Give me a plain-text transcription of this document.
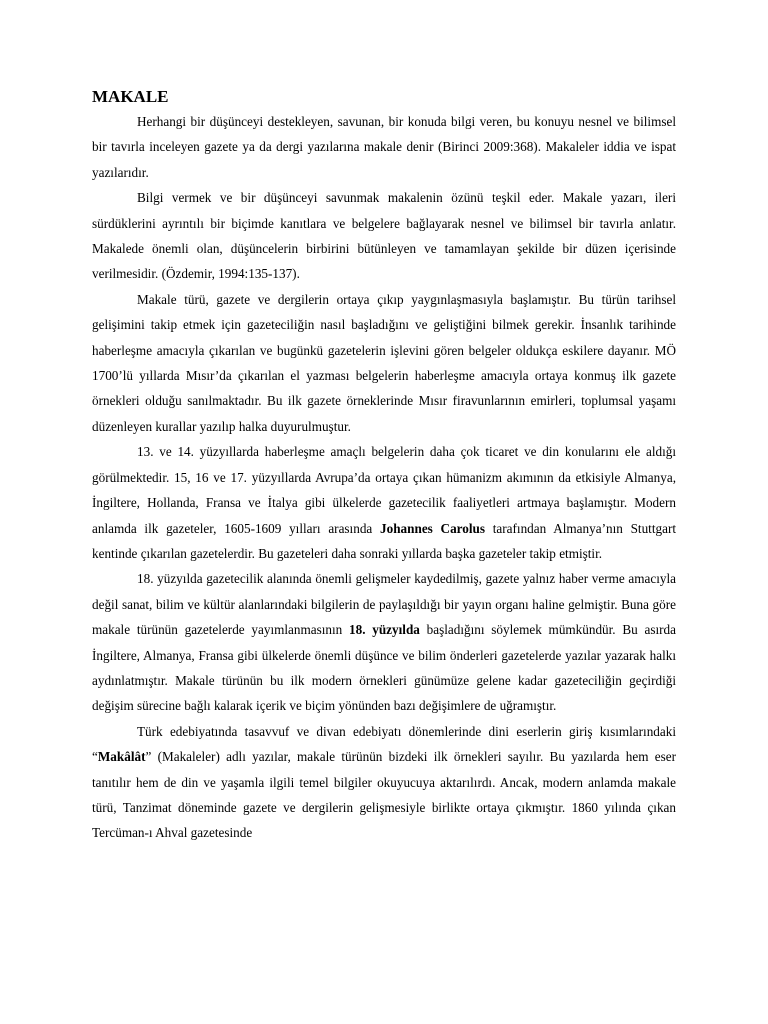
MAKALE

Herhangi bir düşünceyi destekleyen, savunan, bir konuda bilgi veren, bu konuyu nesnel ve bilimsel bir tavırla inceleyen gazete ya da dergi yazılarına makale denir (Birinci 2009:368). Makaleler iddia ve ispat yazılarıdır.

Bilgi vermek ve bir düşünceyi savunmak makalenin özünü teşkil eder. Makale yazarı, ileri sürdüklerini ayrıntılı bir biçimde kanıtlara ve belgelere bağlayarak nesnel ve bilimsel bir tavırla anlatır. Makalede önemli olan, düşüncelerin birbirini bütünleyen ve tamamlayan şekilde bir düzen içerisinde verilmesidir. (Özdemir, 1994:135-137).

Makale türü, gazete ve dergilerin ortaya çıkıp yaygınlaşmasıyla başlamıştır. Bu türün tarihsel gelişimini takip etmek için gazeteciliğin nasıl başladığını ve geliştiğini bilmek gerekir. İnsanlık tarihinde haberleşme amacıyla çıkarılan ve bugünkü gazetelerin işlevini gören belgeler oldukça eskilere dayanır. MÖ 1700’lü yıllarda Mısır’da çıkarılan el yazması belgelerin haberleşme amacıyla ortaya konmuş ilk gazete örnekleri olduğu sanılmaktadır. Bu ilk gazete örneklerinde Mısır firavunlarının emirleri, toplumsal yaşamı düzenleyen kurallar yazılıp halka duyurulmuştur.

13. ve 14. yüzyıllarda haberleşme amaçlı belgelerin daha çok ticaret ve din konularını ele aldığı görülmektedir. 15, 16 ve 17. yüzyıllarda Avrupa’da ortaya çıkan hümanizm akımının da etkisiyle Almanya, İngiltere, Hollanda, Fransa ve İtalya gibi ülkelerde gazetecilik faaliyetleri artmaya başlamıştır. Modern anlamda ilk gazeteler, 1605-1609 yılları arasında Johannes Carolus tarafından Almanya’nın Stuttgart kentinde çıkarılan gazetelerdir. Bu gazeteleri daha sonraki yıllarda başka gazeteler takip etmiştir.

18. yüzyılda gazetecilik alanında önemli gelişmeler kaydedilmiş, gazete yalnız haber verme amacıyla değil sanat, bilim ve kültür alanlarındaki bilgilerin de paylaşıldığı bir yayın organı haline gelmiştir. Buna göre makale türünün gazetelerde yayımlanmasının 18. yüzyılda başladığını söylemek mümkündür. Bu asırda İngiltere, Almanya, Fransa gibi ülkelerde önemli düşünce ve bilim önderleri gazetelerde yazılar yazarak halkı aydınlatmıştır. Makale türünün bu ilk modern örnekleri günümüze gelene kadar gazeteciliğin geçirdiği değişim sürecine bağlı kalarak içerik ve biçim yönünden bazı değişimlere de uğramıştır.

Türk edebiyatında tasavvuf ve divan edebiyatı dönemlerinde dini eserlerin giriş kısımlarındaki “Makâlât” (Makaleler) adlı yazılar, makale türünün bizdeki ilk örnekleri sayılır. Bu yazılarda hem eser tanıtılır hem de din ve yaşamla ilgili temel bilgiler okuyucuya aktarılırdı. Ancak, modern anlamda makale türü, Tanzimat döneminde gazete ve dergilerin gelişmesiyle birlikte ortaya çıkmıştır. 1860 yılında çıkan Tercüman-ı Ahval gazetesinde
